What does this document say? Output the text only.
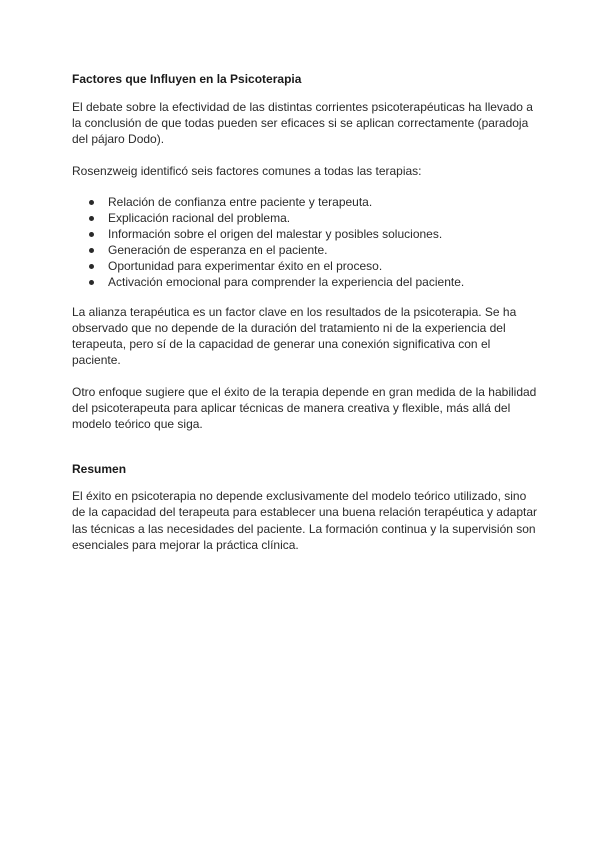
Factores que Influyen en la Psicoterapia

El debate sobre la efectividad de las distintas corrientes psicoterapéuticas ha llevado a la conclusión de que todas pueden ser eficaces si se aplican correctamente (paradoja del pájaro Dodo).

Rosenzweig identificó seis factores comunes a todas las terapias:

Relación de confianza entre paciente y terapeuta.
Explicación racional del problema.
Información sobre el origen del malestar y posibles soluciones.
Generación de esperanza en el paciente.
Oportunidad para experimentar éxito en el proceso.
Activación emocional para comprender la experiencia del paciente.

La alianza terapéutica es un factor clave en los resultados de la psicoterapia. Se ha observado que no depende de la duración del tratamiento ni de la experiencia del terapeuta, pero sí de la capacidad de generar una conexión significativa con el paciente.

Otro enfoque sugiere que el éxito de la terapia depende en gran medida de la habilidad del psicoterapeuta para aplicar técnicas de manera creativa y flexible, más allá del modelo teórico que siga.

Resumen

El éxito en psicoterapia no depende exclusivamente del modelo teórico utilizado, sino de la capacidad del terapeuta para establecer una buena relación terapéutica y adaptar las técnicas a las necesidades del paciente. La formación continua y la supervisión son esenciales para mejorar la práctica clínica.
